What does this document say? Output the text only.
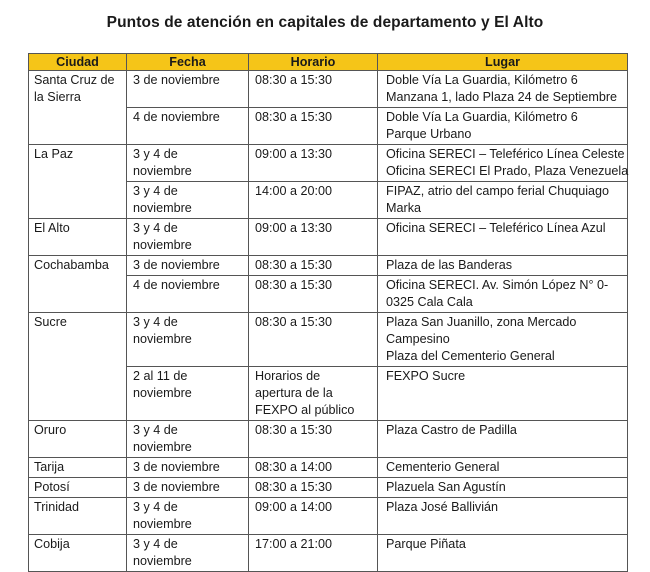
Puntos de atención en capitales de departamento y El Alto
Ciudad	Fecha	Horario	Lugar

Santa Cruz de
la Sierra	3 de noviembre	08:30 a 15:30	Doble Vía La Guardia, Kilómetro 6
Manzana 1, lado Plaza 24 de Septiembre

	4 de noviembre	08:30 a 15:30	Doble Vía La Guardia, Kilómetro 6
Parque Urbano

La Paz	3 y 4 de
noviembre	09:00 a 13:30	Oficina SERECI – Teleférico Línea Celeste
Oficina SERECI El Prado, Plaza Venezuela

	3 y 4 de
noviembre	14:00 a 20:00	FIPAZ, atrio del campo ferial Chuquiago
Marka

El Alto	3 y 4 de
noviembre	09:00 a 13:30	Oficina SERECI – Teleférico Línea Azul

Cochabamba	3 de noviembre	08:30 a 15:30	Plaza de las Banderas

	4 de noviembre	08:30 a 15:30	Oficina SERECI. Av. Simón López N° 0-
0325 Cala Cala

Sucre	3 y 4 de
noviembre	08:30 a 15:30	Plaza San Juanillo, zona Mercado
Campesino
Plaza del Cementerio General

	2 al 11 de
noviembre	Horarios de
apertura de la
FEXPO al público	FEXPO Sucre

Oruro	3 y 4 de
noviembre	08:30 a 15:30	Plaza Castro de Padilla

Tarija	3 de noviembre	08:30 a 14:00	Cementerio General

Potosí	3 de noviembre	08:30 a 15:30	Plazuela San Agustín

Trinidad	3 y 4 de
noviembre	09:00 a 14:00	Plaza José Ballivián

Cobija	3 y 4 de
noviembre	17:00 a 21:00	Parque Piñata
